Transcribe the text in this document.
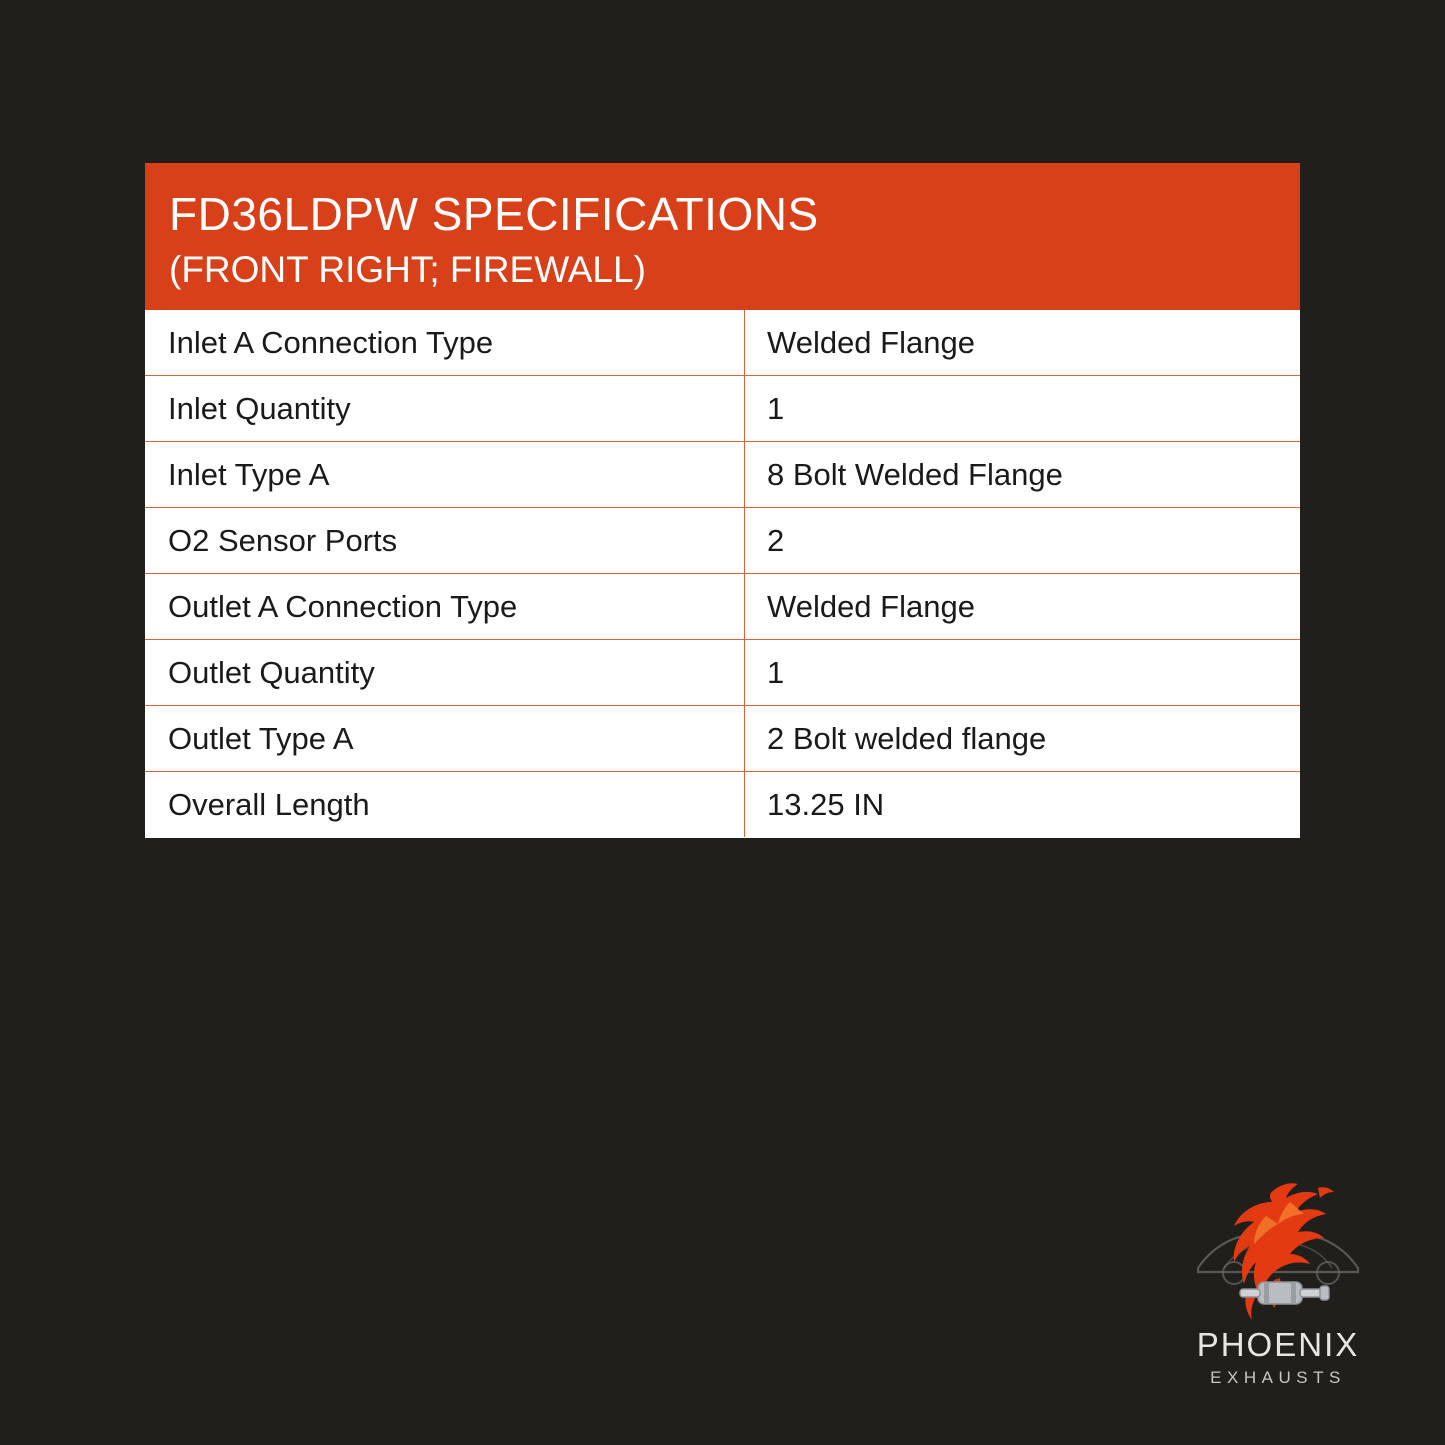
FD36LDPW SPECIFICATIONS
(FRONT RIGHT; FIREWALL)
Inlet A Connection Type	Welded Flange
Inlet Quantity	1
Inlet Type A	8 Bolt Welded Flange
O2 Sensor Ports	2
Outlet A Connection Type	Welded Flange
Outlet Quantity	1
Outlet Type A	2 Bolt welded flange
Overall Length	13.25 IN
PHOENIX
EXHAUSTS
